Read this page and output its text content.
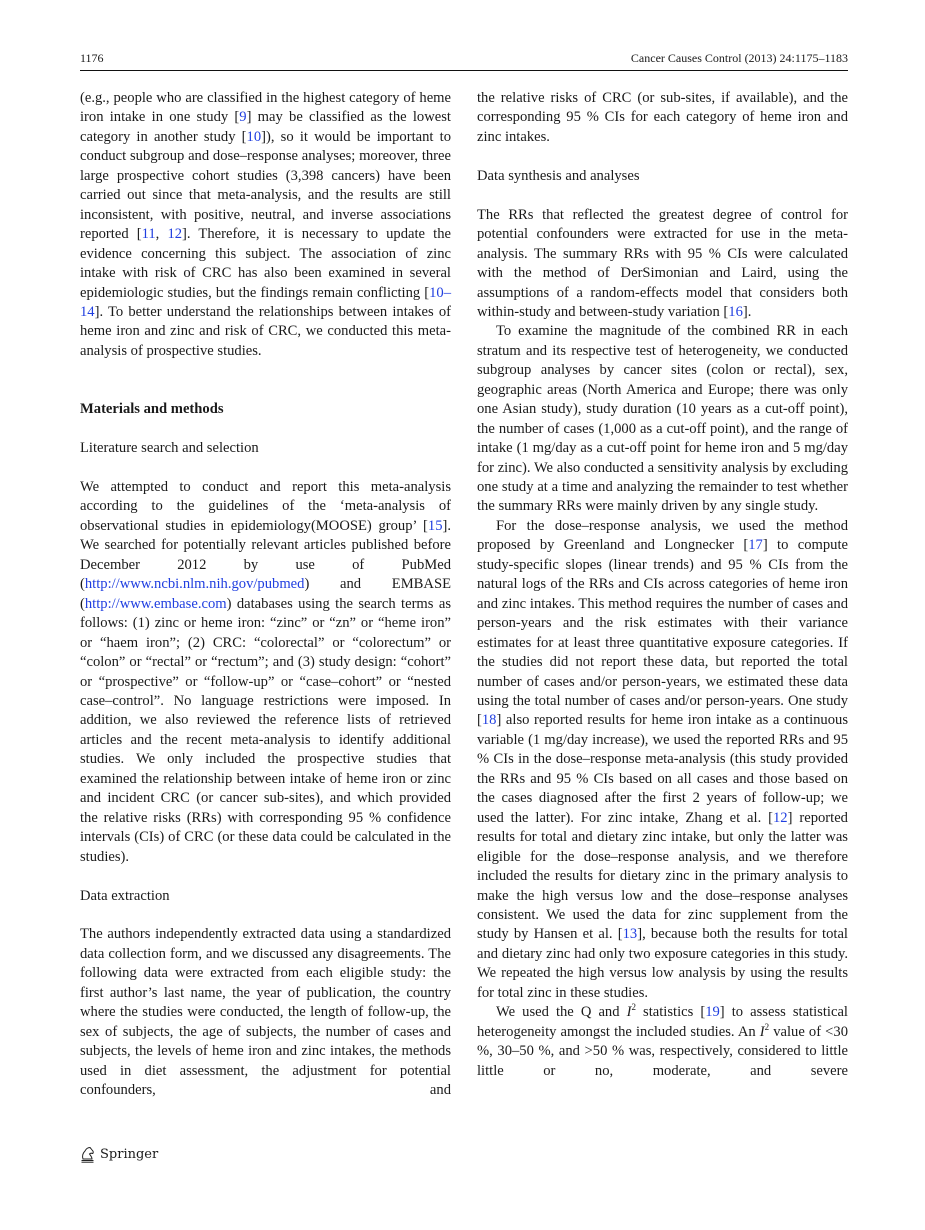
1176	Cancer Causes Control (2013) 24:1175–1183

(e.g., people who are classified in the highest category of heme iron intake in one study [9] may be classified as the lowest category in another study [10]), so it would be important to conduct subgroup and dose–response analyses; moreover, three large prospective cohort studies (3,398 cancers) have been carried out since that meta-analysis, and the results are still inconsistent, with positive, neutral, and inverse associations reported [11, 12]. Therefore, it is necessary to update the evidence concerning this subject. The association of zinc intake with risk of CRC has also been examined in several epidemiologic studies, but the findings remain conflicting [10–14]. To better understand the relationships between intakes of heme iron and zinc and risk of CRC, we conducted this meta-analysis of prospective studies.

Materials and methods
Literature search and selection

We attempted to conduct and report this meta-analysis according to the guidelines of the ‘meta-analysis of observational studies in epidemiology(MOOSE) group’ [15]. We searched for potentially relevant articles published before December 2012 by use of PubMed (http://www.ncbi.nlm.nih.gov/pubmed) and EMBASE (http://www.embase.com) databases using the search terms as follows: (1) zinc or heme iron: “zinc” or “zn” or “heme iron” or “haem iron”; (2) CRC: “colorectal” or “colorectum” or “colon” or “rectal” or “rectum”; and (3) study design: “cohort” or “prospective” or “follow-up” or “case–cohort” or “nested case–control”. No language restrictions were imposed. In addition, we also reviewed the reference lists of retrieved articles and the recent meta-analysis to identify additional studies. We only included the prospective studies that examined the relationship between intake of heme iron or zinc and incident CRC (or cancer sub-sites), and which provided the relative risks (RRs) with corresponding 95 % confidence intervals (CIs) of CRC (or these data could be calculated in the studies).

Data extraction

The authors independently extracted data using a standardized data collection form, and we discussed any disagreements. The following data were extracted from each eligible study: the first author’s last name, the year of publication, the country where the studies were conducted, the length of follow-up, the sex of subjects, the age of subjects, the number of cases and subjects, the levels of heme iron and zinc intakes, the methods used in diet assessment, the adjustment for potential confounders, and

the relative risks of CRC (or sub-sites, if available), and the corresponding 95 % CIs for each category of heme iron and zinc intakes.

Data synthesis and analyses

The RRs that reflected the greatest degree of control for potential confounders were extracted for use in the meta-analysis. The summary RRs with 95 % CIs were calculated with the method of DerSimonian and Laird, using the assumptions of a random-effects model that considers both within-study and between-study variation [16].

To examine the magnitude of the combined RR in each stratum and its respective test of heterogeneity, we conducted subgroup analyses by cancer sites (colon or rectal), sex, geographic areas (North America and Europe; there was only one Asian study), study duration (10 years as a cut-off point), the number of cases (1,000 as a cut-off point), and the range of intake (1 mg/day as a cut-off point for heme iron and 5 mg/day for zinc). We also conducted a sensitivity analysis by excluding one study at a time and analyzing the remainder to test whether the summary RRs were mainly driven by any single study.

For the dose–response analysis, we used the method proposed by Greenland and Longnecker [17] to compute study-specific slopes (linear trends) and 95 % CIs from the natural logs of the RRs and CIs across categories of heme iron and zinc intakes. This method requires the number of cases and person-years and the risk estimates with their variance estimates for at least three quantitative exposure categories. If the studies did not report these data, but reported the total number of cases and/or person-years, we estimated these data using the total number of cases and/or person-years. One study [18] also reported results for heme iron intake as a continuous variable (1 mg/day increase), we used the reported RRs and 95 % CIs in the dose–response meta-analysis (this study provided the RRs and 95 % CIs based on all cases and those based on the cases diagnosed after the first 2 years of follow-up; we used the latter). For zinc intake, Zhang et al. [12] reported results for total and dietary zinc intake, but only the latter was eligible for the dose–response analysis, and we therefore included the results for dietary zinc in the primary analysis to make the high versus low and the dose–response analyses consistent. We used the data for zinc supplement from the study by Hansen et al. [13], because both the results for total and dietary zinc had only two exposure categories in this study. We repeated the high versus low analysis by using the results for total zinc in these studies.

We used the Q and $I^2$ statistics [19] to assess statistical heterogeneity amongst the included studies. An $I^2$ value of <30 %, 30–50 %, and >50 % was, respectively, considered to little little or no, moderate, and severe

Springer
